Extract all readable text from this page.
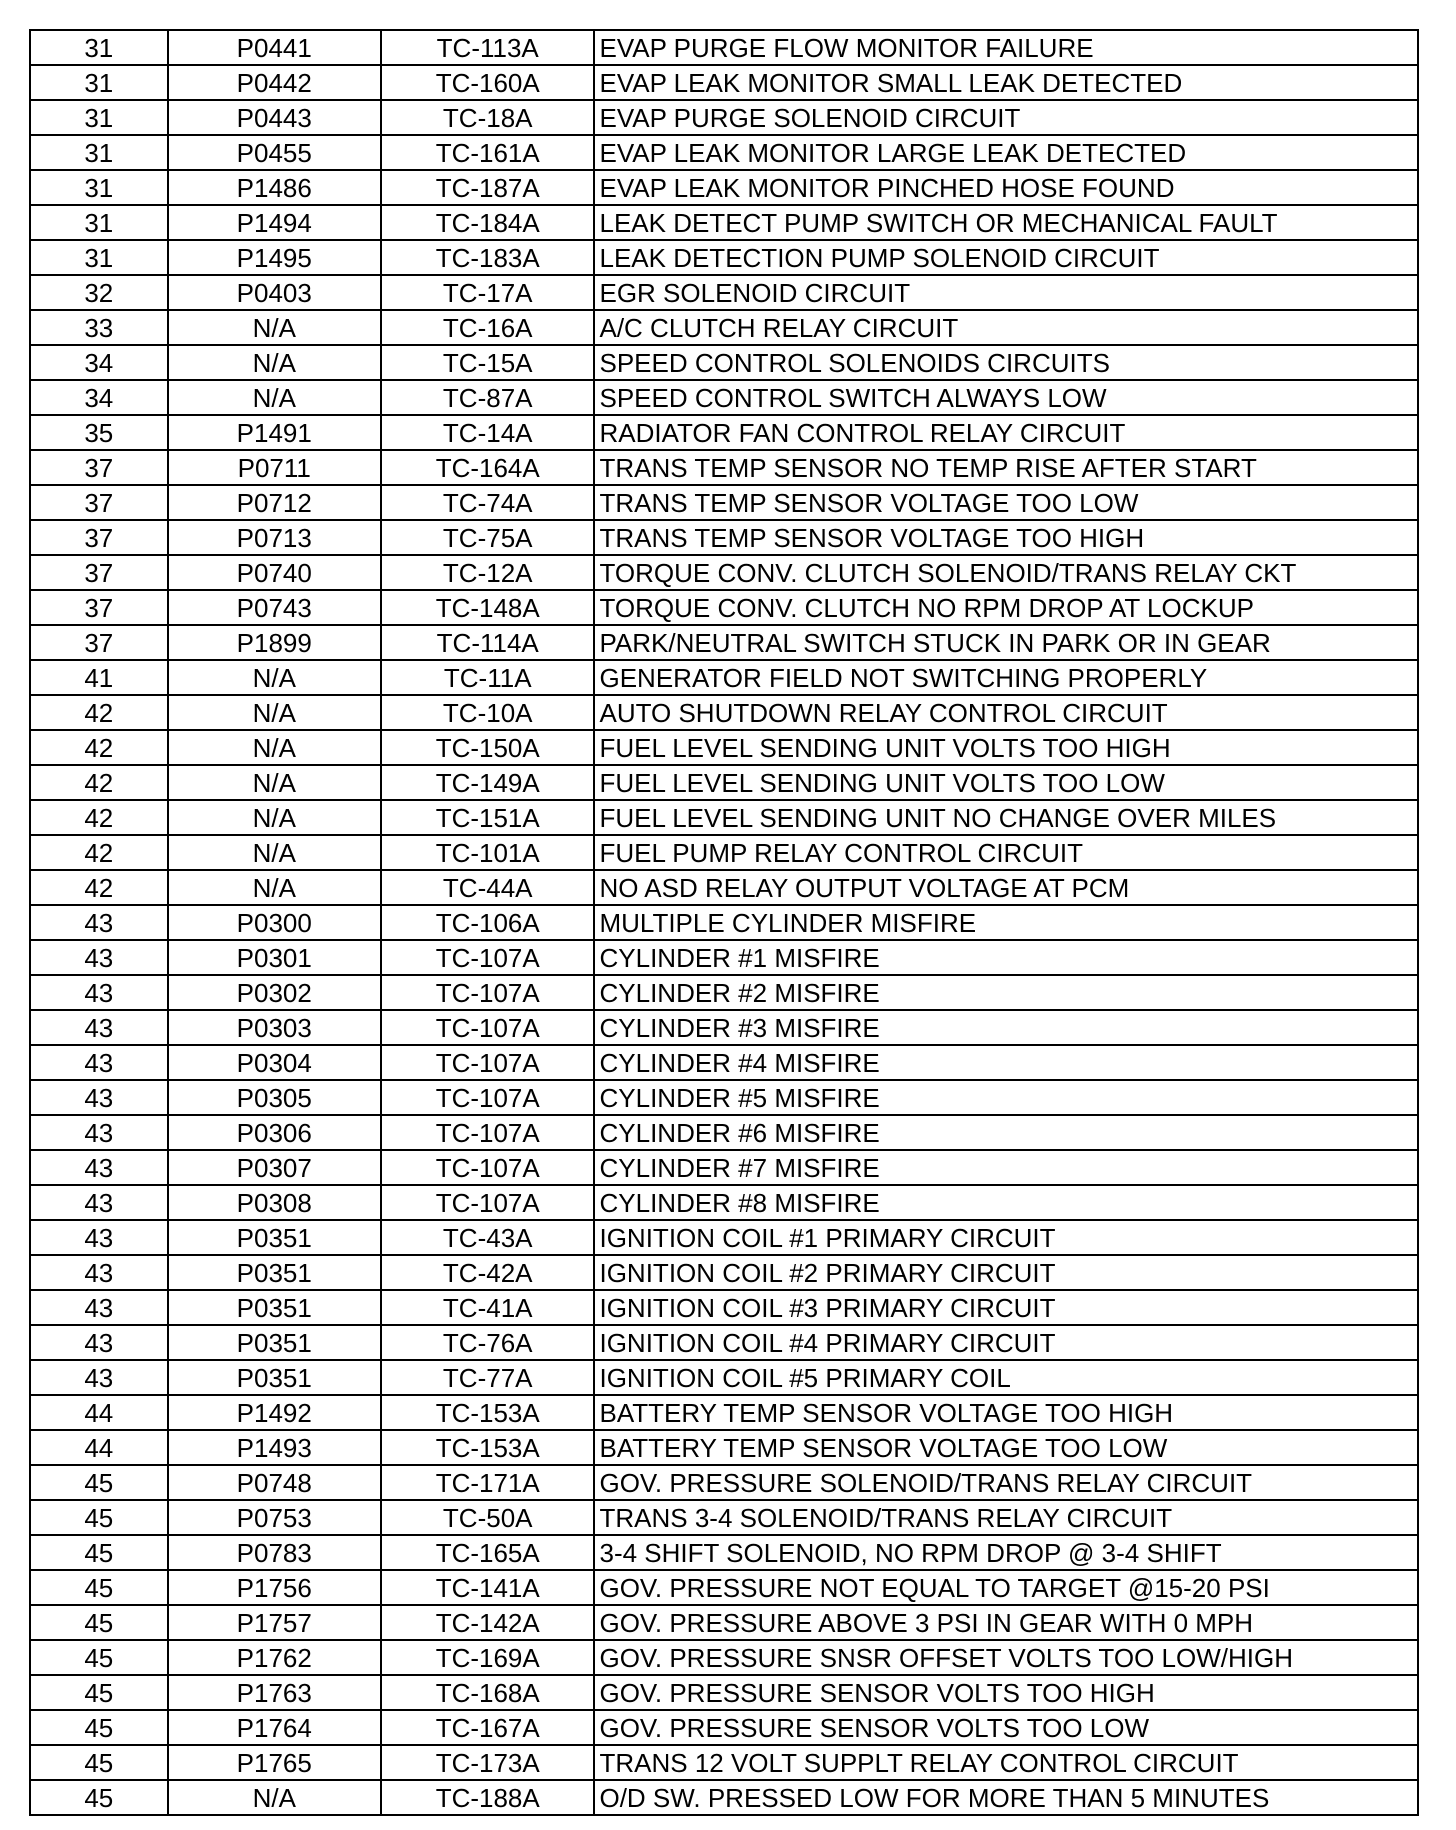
31	P0441	TC-113A	EVAP PURGE FLOW MONITOR FAILURE
31	P0442	TC-160A	EVAP LEAK MONITOR SMALL LEAK DETECTED
31	P0443	TC-18A	EVAP PURGE SOLENOID CIRCUIT
31	P0455	TC-161A	EVAP LEAK MONITOR LARGE LEAK DETECTED
31	P1486	TC-187A	EVAP LEAK MONITOR PINCHED HOSE FOUND
31	P1494	TC-184A	LEAK DETECT PUMP SWITCH OR MECHANICAL FAULT
31	P1495	TC-183A	LEAK DETECTION PUMP SOLENOID CIRCUIT
32	P0403	TC-17A	EGR SOLENOID CIRCUIT
33	N/A	TC-16A	A/C CLUTCH RELAY CIRCUIT
34	N/A	TC-15A	SPEED CONTROL SOLENOIDS CIRCUITS
34	N/A	TC-87A	SPEED CONTROL SWITCH ALWAYS LOW
35	P1491	TC-14A	RADIATOR FAN CONTROL RELAY CIRCUIT
37	P0711	TC-164A	TRANS TEMP SENSOR NO TEMP RISE AFTER START
37	P0712	TC-74A	TRANS TEMP SENSOR VOLTAGE TOO LOW
37	P0713	TC-75A	TRANS TEMP SENSOR VOLTAGE TOO HIGH
37	P0740	TC-12A	TORQUE CONV. CLUTCH SOLENOID/TRANS RELAY CKT
37	P0743	TC-148A	TORQUE CONV. CLUTCH NO RPM DROP AT LOCKUP
37	P1899	TC-114A	PARK/NEUTRAL SWITCH STUCK IN PARK OR IN GEAR
41	N/A	TC-11A	GENERATOR FIELD NOT SWITCHING PROPERLY
42	N/A	TC-10A	AUTO SHUTDOWN RELAY CONTROL CIRCUIT
42	N/A	TC-150A	FUEL LEVEL SENDING UNIT VOLTS TOO HIGH
42	N/A	TC-149A	FUEL LEVEL SENDING UNIT VOLTS TOO LOW
42	N/A	TC-151A	FUEL LEVEL SENDING UNIT NO CHANGE OVER MILES
42	N/A	TC-101A	FUEL PUMP RELAY CONTROL CIRCUIT
42	N/A	TC-44A	NO ASD RELAY OUTPUT VOLTAGE AT PCM
43	P0300	TC-106A	MULTIPLE CYLINDER MISFIRE
43	P0301	TC-107A	CYLINDER #1 MISFIRE
43	P0302	TC-107A	CYLINDER #2 MISFIRE
43	P0303	TC-107A	CYLINDER #3 MISFIRE
43	P0304	TC-107A	CYLINDER #4 MISFIRE
43	P0305	TC-107A	CYLINDER #5 MISFIRE
43	P0306	TC-107A	CYLINDER #6 MISFIRE
43	P0307	TC-107A	CYLINDER #7 MISFIRE
43	P0308	TC-107A	CYLINDER #8 MISFIRE
43	P0351	TC-43A	IGNITION COIL #1 PRIMARY CIRCUIT
43	P0351	TC-42A	IGNITION COIL #2 PRIMARY CIRCUIT
43	P0351	TC-41A	IGNITION COIL #3 PRIMARY CIRCUIT
43	P0351	TC-76A	IGNITION COIL #4 PRIMARY CIRCUIT
43	P0351	TC-77A	IGNITION COIL #5 PRIMARY COIL
44	P1492	TC-153A	BATTERY TEMP SENSOR VOLTAGE TOO HIGH
44	P1493	TC-153A	BATTERY TEMP SENSOR VOLTAGE TOO LOW
45	P0748	TC-171A	GOV. PRESSURE SOLENOID/TRANS RELAY CIRCUIT
45	P0753	TC-50A	TRANS 3-4 SOLENOID/TRANS RELAY CIRCUIT
45	P0783	TC-165A	3-4 SHIFT SOLENOID, NO RPM DROP @ 3-4 SHIFT
45	P1756	TC-141A	GOV. PRESSURE NOT EQUAL TO TARGET @15-20 PSI
45	P1757	TC-142A	GOV. PRESSURE ABOVE 3 PSI IN GEAR WITH 0 MPH
45	P1762	TC-169A	GOV. PRESSURE SNSR OFFSET VOLTS TOO LOW/HIGH
45	P1763	TC-168A	GOV. PRESSURE SENSOR VOLTS TOO HIGH
45	P1764	TC-167A	GOV. PRESSURE SENSOR VOLTS TOO LOW
45	P1765	TC-173A	TRANS 12 VOLT SUPPLT RELAY CONTROL CIRCUIT
45	N/A	TC-188A	O/D SW. PRESSED LOW FOR MORE THAN 5 MINUTES
